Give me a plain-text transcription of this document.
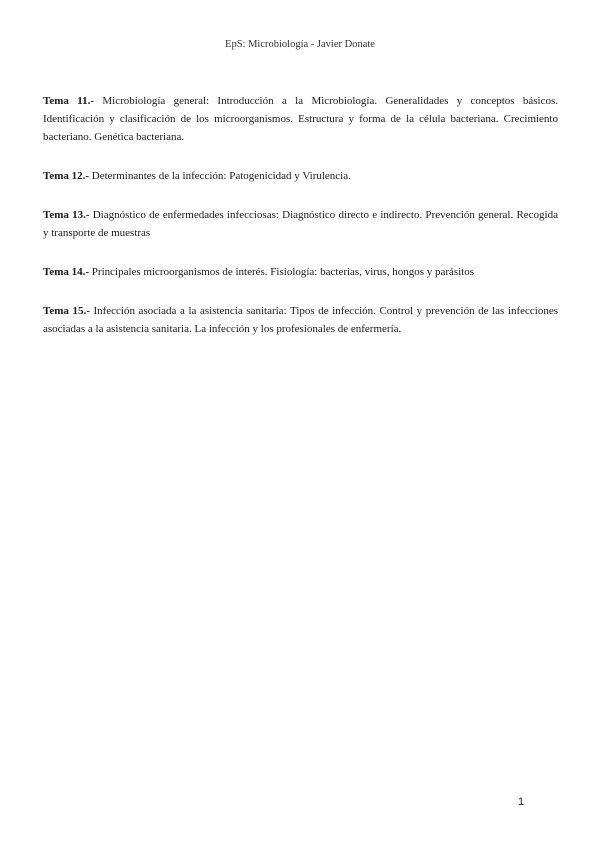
EpS: Microbiología - Javier Donate

Tema 11.- Microbiología general: Introducción a la Microbiología. Generalidades y conceptos básicos. Identificación y clasificación de los microorganismos. Estructura y forma de la célula bacteriana. Crecimiento bacteriano. Genética bacteriana.

Tema 12.- Determinantes de la infección: Patogenicidad y Virulencia.

Tema 13.- Diagnóstico de enfermedades infecciosas: Diagnóstico directo e indirecto. Prevención general. Recogida y transporte de muestras

Tema 14.- Principales microorganismos de interés. Fisiología: bacterias, virus, hongos y parásitos

Tema 15.- Infección asociada a la asistencia sanitaria: Tipos de infección. Control y prevención de las infecciones asociadas a la asistencia sanitaria. La infección y los profesionales de enfermería.

1
